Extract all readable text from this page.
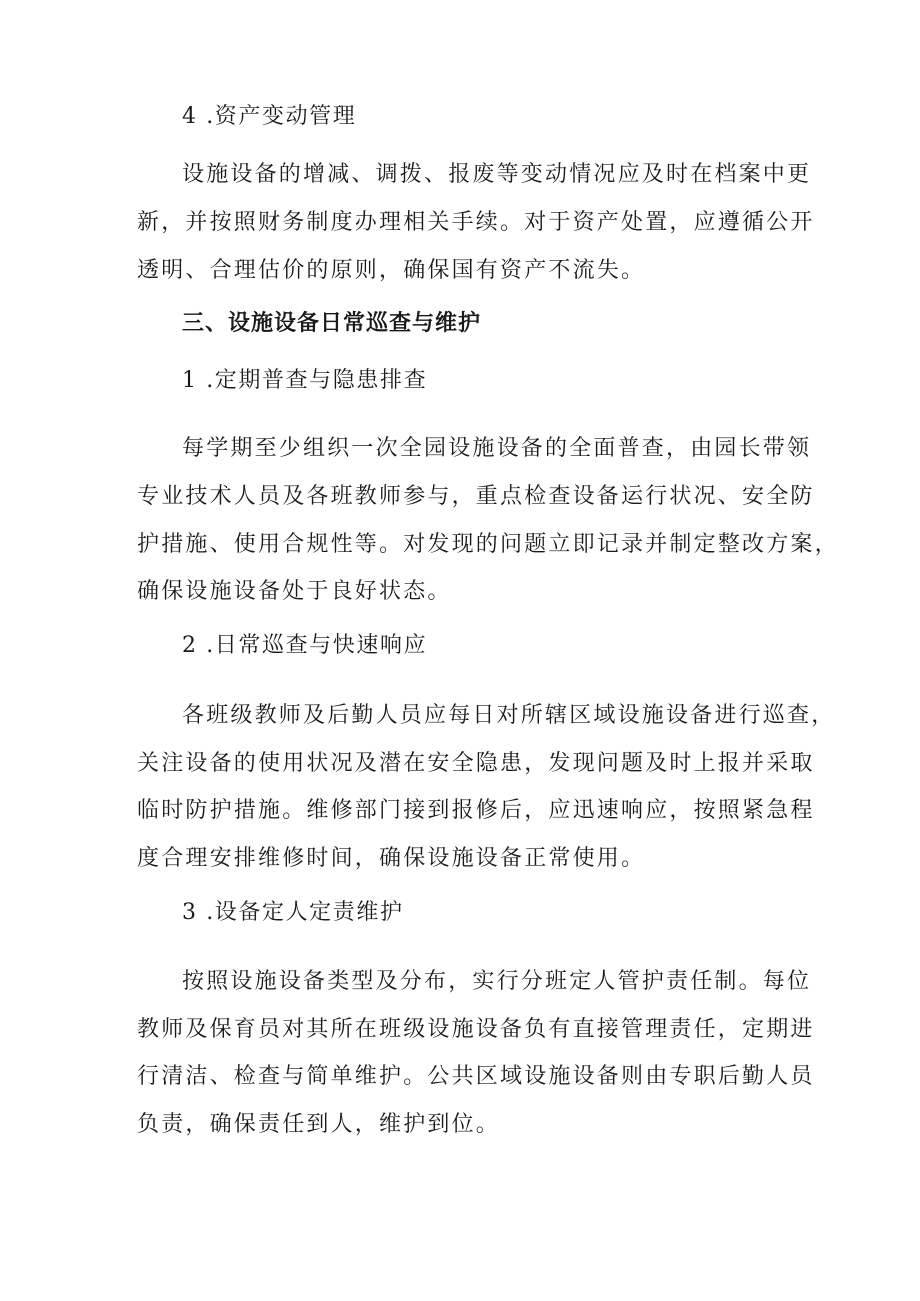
4 .资产变动管理
设施设备的增减、调拨、报废等变动情况应及时在档案中更
新，并按照财务制度办理相关手续。对于资产处置，应遵循公开
透明、合理估价的原则，确保国有资产不流失。
三、设施设备日常巡查与维护
1 .定期普查与隐患排查
每学期至少组织一次全园设施设备的全面普查，由园长带领
专业技术人员及各班教师参与，重点检查设备运行状况、安全防
护措施、使用合规性等。对发现的问题立即记录并制定整改方案，
确保设施设备处于良好状态。
2 .日常巡查与快速响应
各班级教师及后勤人员应每日对所辖区域设施设备进行巡查，
关注设备的使用状况及潜在安全隐患，发现问题及时上报并采取
临时防护措施。维修部门接到报修后，应迅速响应，按照紧急程
度合理安排维修时间，确保设施设备正常使用。
3 .设备定人定责维护
按照设施设备类型及分布，实行分班定人管护责任制。每位
教师及保育员对其所在班级设施设备负有直接管理责任，定期进
行清洁、检查与简单维护。公共区域设施设备则由专职后勤人员
负责，确保责任到人，维护到位。
